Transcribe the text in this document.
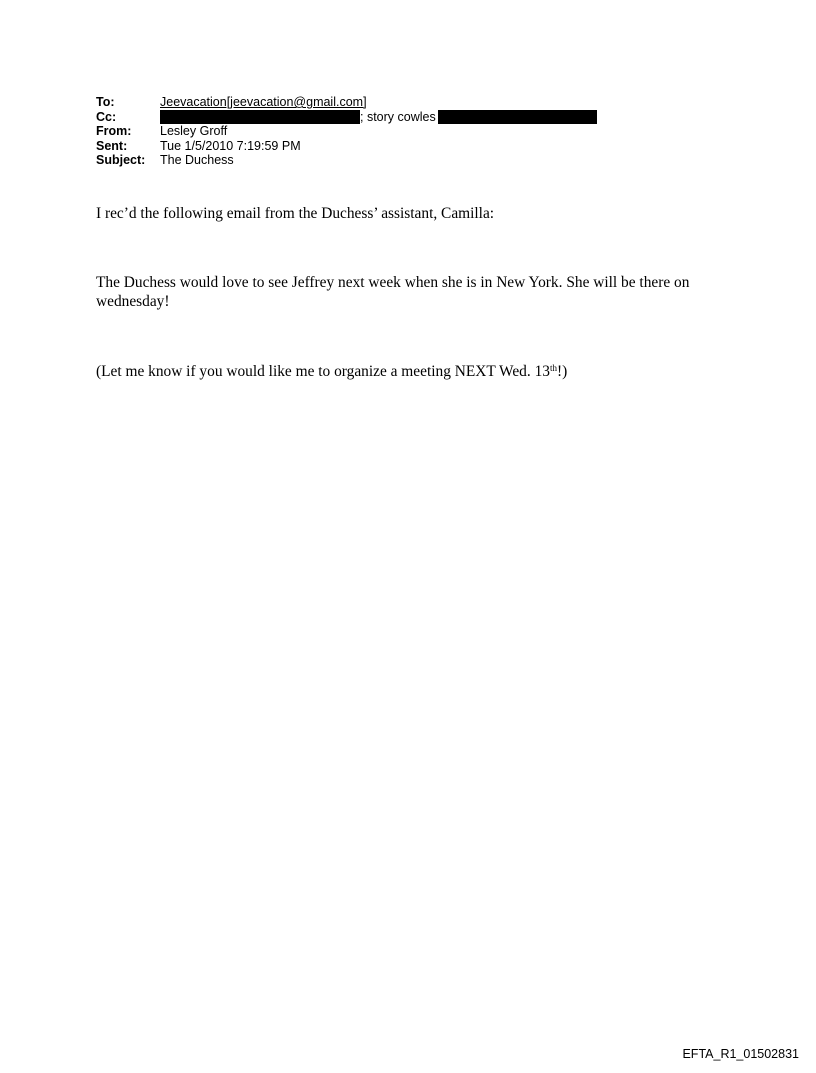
To:	Jeevacation[jeevacation@gmail.com]
Cc:	; story cowles
From: Lesley Groff
Sent:	Tue 1/5/2010 7:19:59 PM
Subject: The Duchess
I rec’d the following email from the Duchess’ assistant, Camilla:
The Duchess would love to see Jeffrey next week when she is in New York. She will be there on wednesday!
(Let me know if you would like me to organize a meeting NEXT Wed. 13th!)
EFTA_R1_01502831
